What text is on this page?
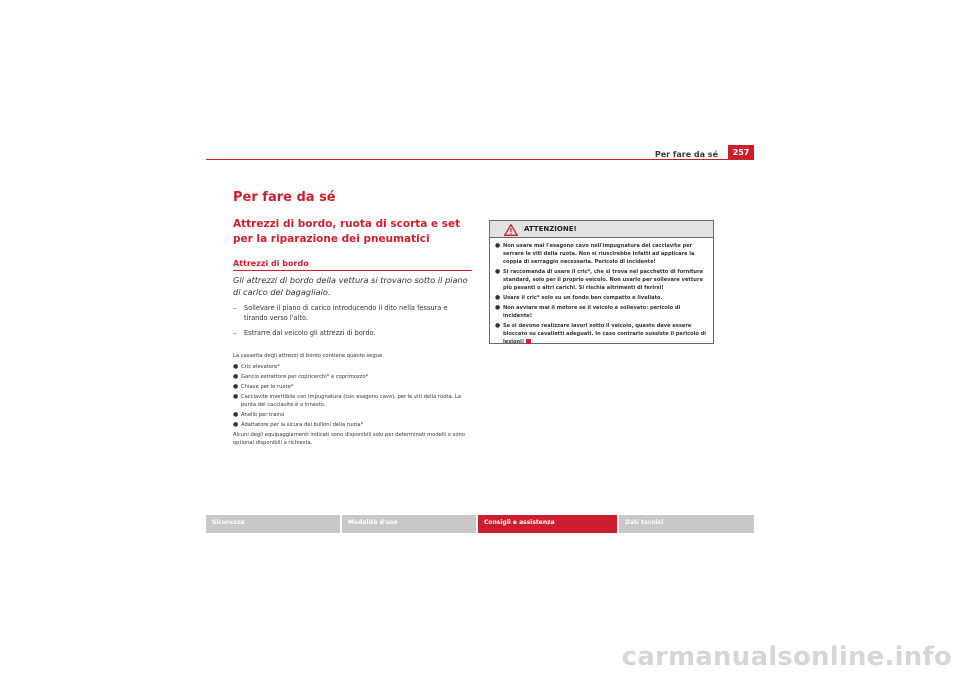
Per fare da sé	257
Per fare da sé
Attrezzi di bordo, ruota di scorta e set per la riparazione dei pneumatici
Attrezzi di bordo
Gli attrezzi di bordo della vettura si trovano sotto il piano di carico del bagagliaio.
– Sollevare il piano di carico introducendo il dito nella fessura e tirando verso l'alto.
– Estrarre dal veicolo gli attrezzi di bordo.

La cassetta degli attrezzi di bordo contiene quanto segue

● Cric elevatore*
● Gancio estrattore per copricerchi* e coprimozzo*
● Chiave per le ruote*
● Cacciavite invertibile con impugnatura (con esagono cavo), per le viti della ruota. La punta del cacciavite è a innesto.
● Anello per traino
● Adattatore per la sicura dei bulloni della ruota*

Alcuni degli equipaggiamenti indicati sono disponibili solo per determinati modelli o sono optional disponibili a richiesta.

ATTENZIONE!
● Non usare mai l'esagono cavo nell'impugnatura del cacciavite per serrare le viti della ruota. Non si riuscirebbe infatti ad applicare la coppia di serraggio necessaria. Pericolo di incidente!
● Si raccomanda di usare il cric*, che si trova nel pacchetto di fornitura standard, solo per il proprio veicolo. Non usarlo per sollevare vetture più pesanti o altri carichi. Si rischia altrimenti di ferirsi!
● Usare il cric* solo su un fondo ben compatto e livellato.
● Non avviare mai il motore se il veicolo è sollevato: pericolo di incidente!
● Se si devono realizzare lavori sotto il veicolo, questo deve essere bloccato su cavalletti adeguati. In caso contrario sussiste il pericolo di lesioni!
Sicurezza	Modalità d'uso	Consigli e assistenza	Dati tecnici
carmanualsonline.info
